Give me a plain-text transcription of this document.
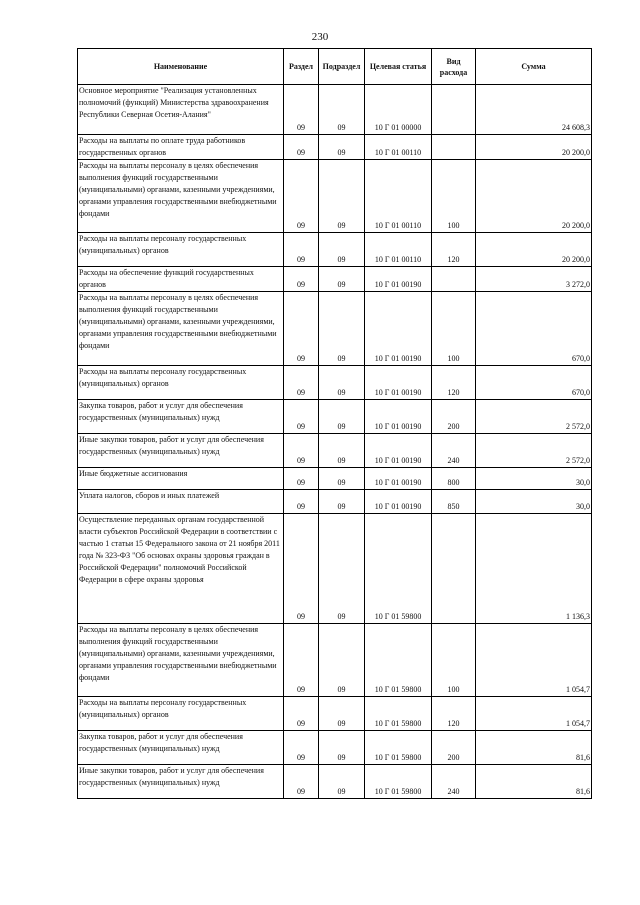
230
Наименование	Раздел	Подраздел	Целевая статья	Вид расхода	Сумма
Основное мероприятие "Реализация установленных полномочий (функций) Министерства здравоохранения Республики Северная Осетия-Алания"	09	09	10 Г 01 00000		24 608,3
Расходы на выплаты по оплате труда работников государственных органов	09	09	10 Г 01 00110		20 200,0
Расходы на выплаты персоналу в целях обеспечения выполнения функций государственными (муниципальными) органами, казенными учреждениями, органами управления государственными внебюджетными фондами	09	09	10 Г 01 00110	100	20 200,0
Расходы на выплаты персоналу государственных (муниципальных) органов	09	09	10 Г 01 00110	120	20 200,0
Расходы на обеспечение функций государственных органов	09	09	10 Г 01 00190		3 272,0
Расходы на выплаты персоналу в целях обеспечения выполнения функций государственными (муниципальными) органами, казенными учреждениями, органами управления государственными внебюджетными фондами	09	09	10 Г 01 00190	100	670,0
Расходы на выплаты персоналу государственных (муниципальных) органов	09	09	10 Г 01 00190	120	670,0
Закупка товаров, работ и услуг для обеспечения государственных (муниципальных) нужд	09	09	10 Г 01 00190	200	2 572,0
Иные закупки товаров, работ и услуг для обеспечения государственных (муниципальных) нужд	09	09	10 Г 01 00190	240	2 572,0
Иные бюджетные ассигнования	09	09	10 Г 01 00190	800	30,0
Уплата налогов, сборов и иных платежей	09	09	10 Г 01 00190	850	30,0
Осуществление переданных органам государственной власти субъектов Российской Федерации в соответствии с частью 1 статьи 15 Федерального закона от 21 ноября 2011 года № 323-ФЗ "Об основах охраны здоровья граждан в Российской Федерации" полномочий Российской Федерации в сфере охраны здоровья	09	09	10 Г 01 59800		1 136,3
Расходы на выплаты персоналу в целях обеспечения выполнения функций государственными (муниципальными) органами, казенными учреждениями, органами управления государственными внебюджетными фондами	09	09	10 Г 01 59800	100	1 054,7
Расходы на выплаты персоналу государственных (муниципальных) органов	09	09	10 Г 01 59800	120	1 054,7
Закупка товаров, работ и услуг для обеспечения государственных (муниципальных) нужд	09	09	10 Г 01 59800	200	81,6
Иные закупки товаров, работ и услуг для обеспечения государственных (муниципальных) нужд	09	09	10 Г 01 59800	240	81,6
